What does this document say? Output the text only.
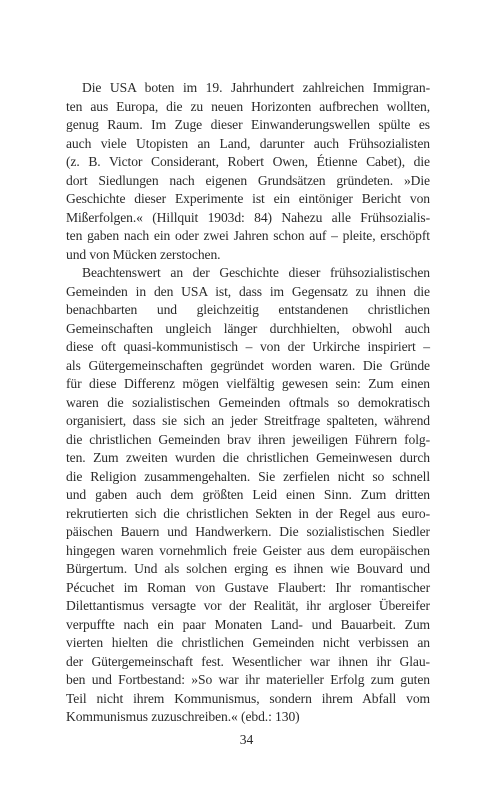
Die USA boten im 19. Jahrhundert zahlreichen Immigran-
ten aus Europa, die zu neuen Horizonten aufbrechen wollten,
genug Raum. Im Zuge dieser Einwanderungswellen spülte es
auch viele Utopisten an Land, darunter auch Frühsozialisten
(z. B. Victor Considerant, Robert Owen, Étienne Cabet), die
dort Siedlungen nach eigenen Grundsätzen gründeten. »Die
Geschichte dieser Experimente ist ein eintöniger Bericht von
Mißerfolgen.« (Hillquit 1903d: 84) Nahezu alle Frühsozialis-
ten gaben nach ein oder zwei Jahren schon auf – pleite, erschöpft
und von Mücken zerstochen.
Beachtenswert an der Geschichte dieser frühsozialistischen
Gemeinden in den USA ist, dass im Gegensatz zu ihnen die
benachbarten und gleichzeitig entstandenen christlichen
Gemeinschaften ungleich länger durchhielten, obwohl auch
diese oft quasi-kommunistisch – von der Urkirche inspiriert –
als Gütergemeinschaften gegründet worden waren. Die Gründe
für diese Differenz mögen vielfältig gewesen sein: Zum einen
waren die sozialistischen Gemeinden oftmals so demokratisch
organisiert, dass sie sich an jeder Streitfrage spalteten, während
die christlichen Gemeinden brav ihren jeweiligen Führern folg-
ten. Zum zweiten wurden die christlichen Gemeinwesen durch
die Religion zusammengehalten. Sie zerfielen nicht so schnell
und gaben auch dem größten Leid einen Sinn. Zum dritten
rekrutierten sich die christlichen Sekten in der Regel aus euro-
päischen Bauern und Handwerkern. Die sozialistischen Siedler
hingegen waren vornehmlich freie Geister aus dem europäischen
Bürgertum. Und als solchen erging es ihnen wie Bouvard und
Pécuchet im Roman von Gustave Flaubert: Ihr romantischer
Dilettantismus versagte vor der Realität, ihr argloser Übereifer
verpuffte nach ein paar Monaten Land- und Bauarbeit. Zum
vierten hielten die christlichen Gemeinden nicht verbissen an
der Gütergemeinschaft fest. Wesentlicher war ihnen ihr Glau-
ben und Fortbestand: »So war ihr materieller Erfolg zum guten
Teil nicht ihrem Kommunismus, sondern ihrem Abfall vom
Kommunismus zuzuschreiben.« (ebd.: 130)
34
